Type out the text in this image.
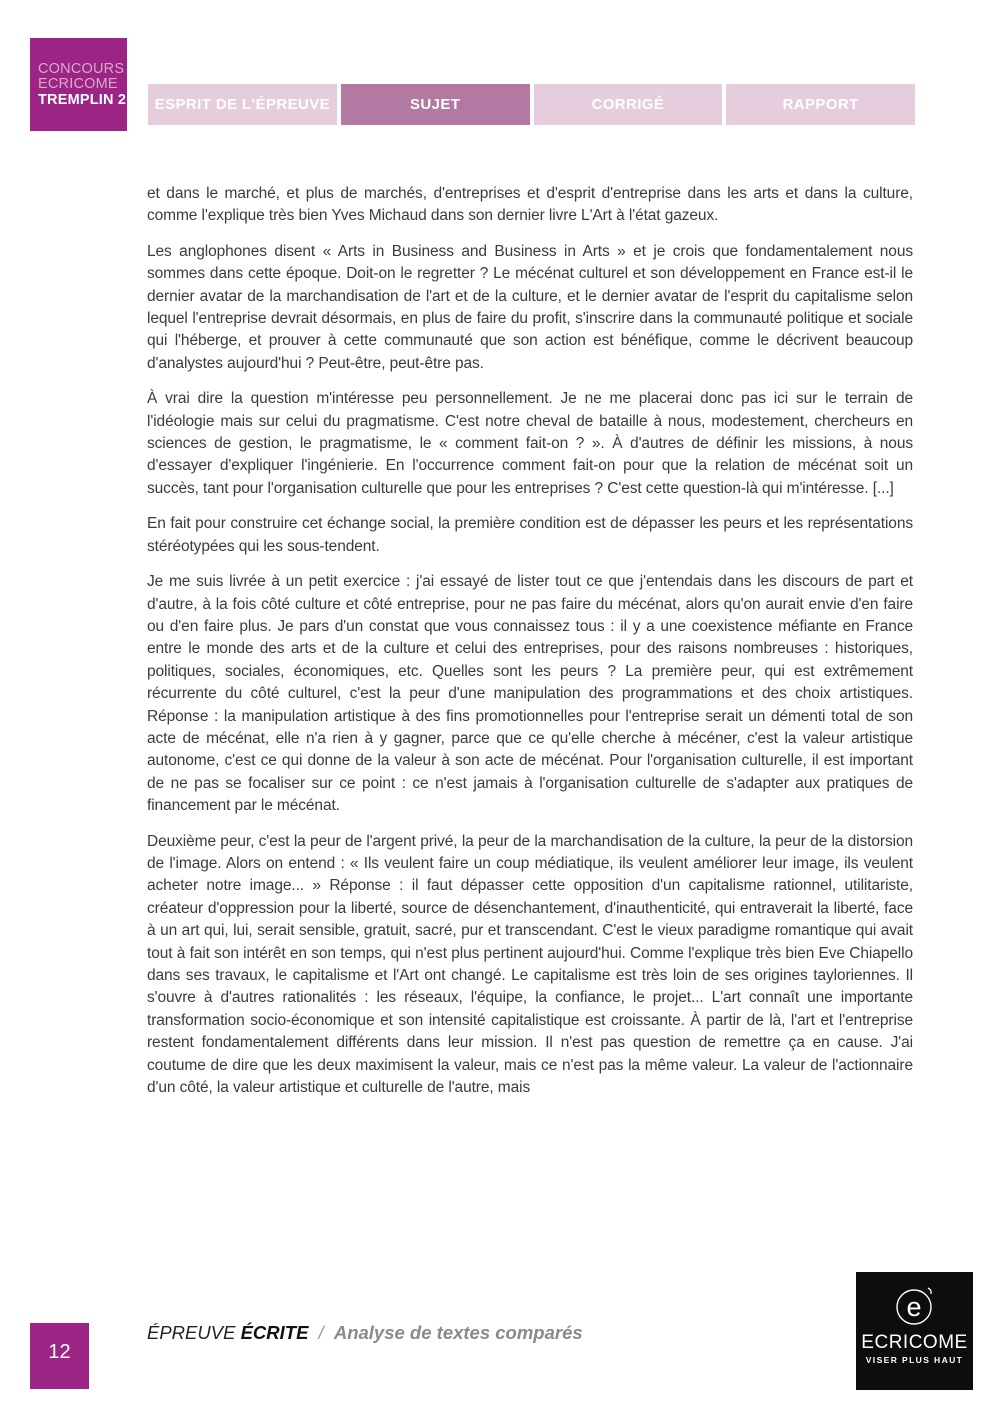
CONCOURS
ECRICOME
TREMPLIN 2	ESPRIT DE L'ÉPREUVE	SUJET	CORRIGÉ	RAPPORT

et dans le marché, et plus de marchés, d'entreprises et d'esprit d'entreprise dans les arts et dans la culture, comme l'explique très bien Yves Michaud dans son dernier livre L'Art à l'état gazeux.

Les anglophones disent « Arts in Business and Business in Arts » et je crois que fondamentalement nous sommes dans cette époque. Doit-on le regretter ? Le mécénat culturel et son développement en France est-il le dernier avatar de la marchandisation de l'art et de la culture, et le dernier avatar de l'esprit du capitalisme selon lequel l'entreprise devrait désormais, en plus de faire du profit, s'inscrire dans la communauté politique et sociale qui l'héberge, et prouver à cette communauté que son action est bénéfique, comme le décrivent beaucoup d'analystes aujourd'hui ? Peut-être, peut-être pas.

À vrai dire la question m'intéresse peu personnellement. Je ne me placerai donc pas ici sur le terrain de l'idéologie mais sur celui du pragmatisme. C'est notre cheval de bataille à nous, modestement, chercheurs en sciences de gestion, le pragmatisme, le « comment fait-on ? ». À d'autres de définir les missions, à nous d'essayer d'expliquer l'ingénierie. En l'occurrence comment fait-on pour que la relation de mécénat soit un succès, tant pour l'organisation culturelle que pour les entreprises ? C'est cette question-là qui m'intéresse. [...]

En fait pour construire cet échange social, la première condition est de dépasser les peurs et les représentations stéréotypées qui les sous-tendent.

Je me suis livrée à un petit exercice : j'ai essayé de lister tout ce que j'entendais dans les discours de part et d'autre, à la fois côté culture et côté entreprise, pour ne pas faire du mécénat, alors qu'on aurait envie d'en faire ou d'en faire plus. Je pars d'un constat que vous connaissez tous : il y a une coexistence méfiante en France entre le monde des arts et de la culture et celui des entreprises, pour des raisons nombreuses : historiques, politiques, sociales, économiques, etc. Quelles sont les peurs ? La première peur, qui est extrêmement récurrente du côté culturel, c'est la peur d'une manipulation des programmations et des choix artistiques. Réponse : la manipulation artistique à des fins promotionnelles pour l'entreprise serait un démenti total de son acte de mécénat, elle n'a rien à y gagner, parce que ce qu'elle cherche à mécéner, c'est la valeur artistique autonome, c'est ce qui donne de la valeur à son acte de mécénat. Pour l'organisation culturelle, il est important de ne pas se focaliser sur ce point : ce n'est jamais à l'organisation culturelle de s'adapter aux pratiques de financement par le mécénat.

Deuxième peur, c'est la peur de l'argent privé, la peur de la marchandisation de la culture, la peur de la distorsion de l'image. Alors on entend : « Ils veulent faire un coup médiatique, ils veulent améliorer leur image, ils veulent acheter notre image... » Réponse : il faut dépasser cette opposition d'un capitalisme rationnel, utilitariste, créateur d'oppression pour la liberté, source de désenchantement, d'inauthenticité, qui entraverait la liberté, face à un art qui, lui, serait sensible, gratuit, sacré, pur et transcendant. C'est le vieux paradigme romantique qui avait tout à fait son intérêt en son temps, qui n'est plus pertinent aujourd'hui. Comme l'explique très bien Eve Chiapello dans ses travaux, le capitalisme et l'Art ont changé. Le capitalisme est très loin de ses origines tayloriennes. Il s'ouvre à d'autres rationalités : les réseaux, l'équipe, la confiance, le projet... L'art connaît une importante transformation socio-économique et son intensité capitalistique est croissante. À partir de là, l'art et l'entreprise restent fondamentalement différents dans leur mission. Il n'est pas question de remettre ça en cause. J'ai coutume de dire que les deux maximisent la valeur, mais ce n'est pas la même valeur. La valeur de l'actionnaire d'un côté, la valeur artistique et culturelle de l'autre, mais

12
ÉPREUVE ÉCRITE / Analyse de textes comparés
e
ECRICOME
VISER PLUS HAUT
